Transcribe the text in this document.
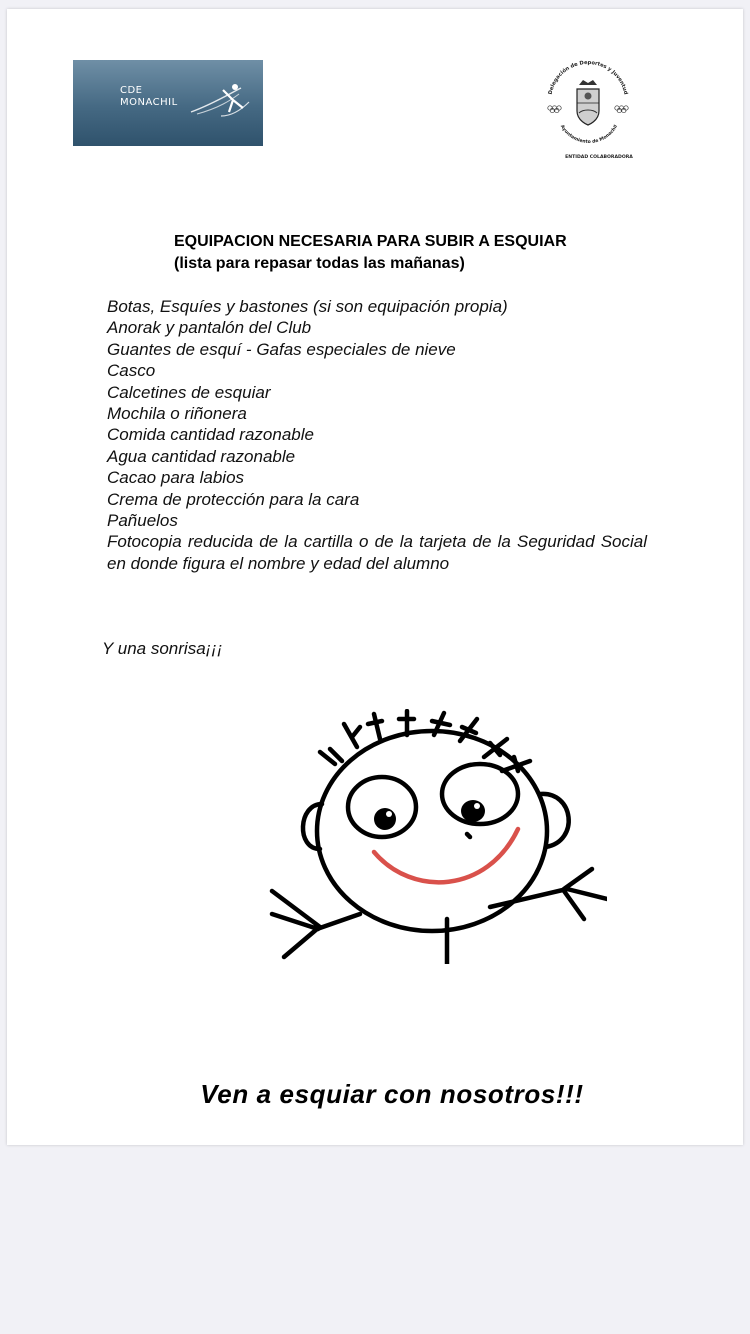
CDE
MONACHIL
Delegación de Deportes y Juventud
Ayuntamiento de Monachil
ENTIDAD COLABORADORA
EQUIPACION NECESARIA PARA SUBIR A ESQUIAR
(lista para repasar todas las mañanas)
Botas, Esquíes y bastones (si son equipación propia)
Anorak y pantalón del Club
Guantes de esquí - Gafas especiales de nieve
Casco
Calcetines de esquiar
Mochila o riñonera
Comida cantidad razonable
Agua cantidad razonable
Cacao para labios
Crema de protección para la cara
Pañuelos
Fotocopia reducida de la cartilla o de la tarjeta de la Seguridad Social en donde figura el nombre y edad del alumno
Y una sonrisa¡¡¡
Ven a esquiar con nosotros!!!
